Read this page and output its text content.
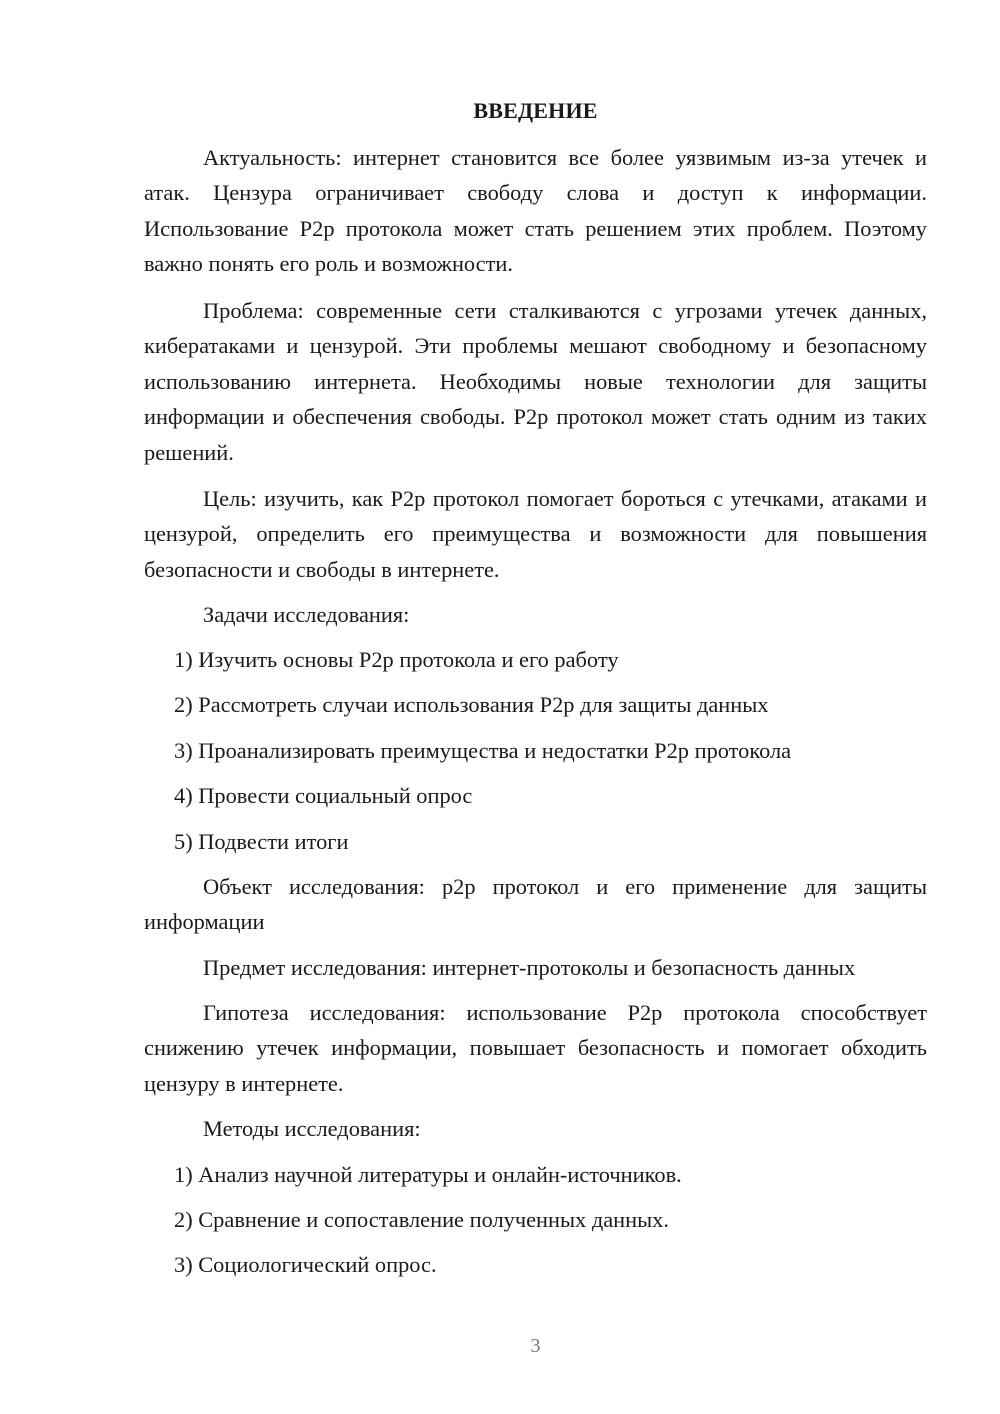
ВВЕДЕНИЕ

Актуальность: интернет становится все более уязвимым из-за утечек и атак. Цензура ограничивает свободу слова и доступ к информации. Использование P2p протокола может стать решением этих проблем. Поэтому важно понять его роль и возможности.

Проблема: современные сети сталкиваются с угрозами утечек данных, кибератаками и цензурой. Эти проблемы мешают свободному и безопасному использованию интернета. Необходимы новые технологии для защиты информации и обеспечения свободы. P2p протокол может стать одним из таких решений.

Цель: изучить, как P2p протокол помогает бороться с утечками, атаками и цензурой, определить его преимущества и возможности для повышения безопасности и свободы в интернете.

Задачи исследования:

1) Изучить основы P2p протокола и его работу

2) Рассмотреть случаи использования P2p для защиты данных

3) Проанализировать преимущества и недостатки P2p протокола

4) Провести социальный опрос

5) Подвести итоги

Объект исследования: p2p протокол и его применение для защиты информации

Предмет исследования: интернет-протоколы и безопасность данных

Гипотеза исследования: использование P2p протокола способствует снижению утечек информации, повышает безопасность и помогает обходить цензуру в интернете.

Методы исследования:

1) Анализ научной литературы и онлайн-источников.

2) Сравнение и сопоставление полученных данных.

3) Социологический опрос.

3
